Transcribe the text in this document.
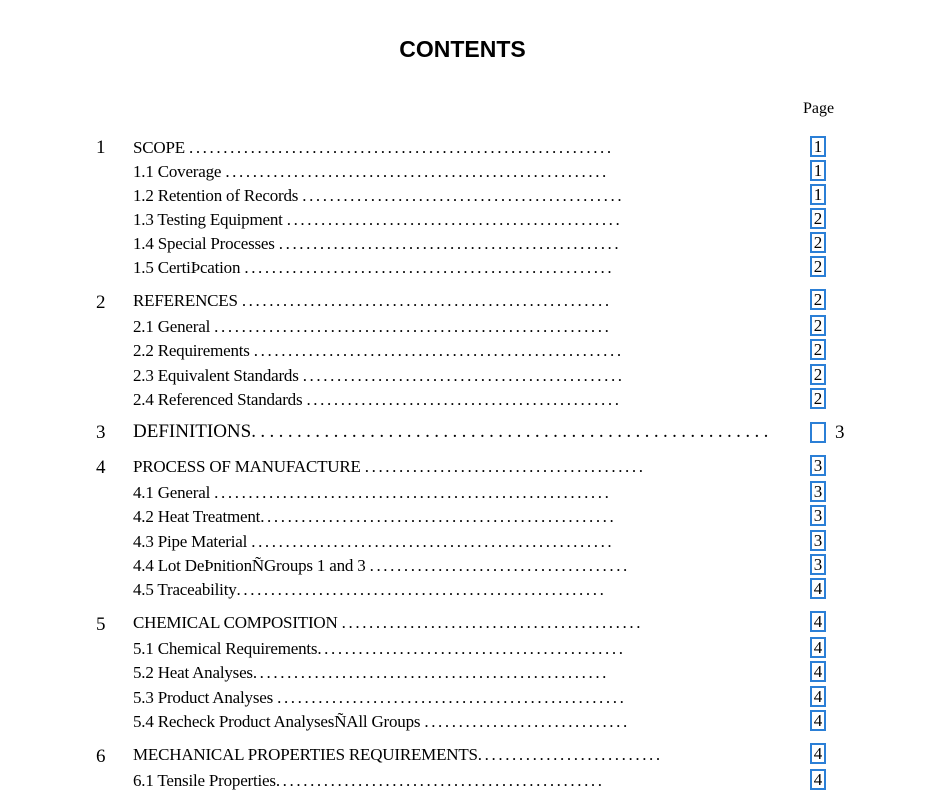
CONTENTS
Page
1 SCOPE ..............................................................	1
1.1 Coverage ........................................................	1
1.2 Retention of Records ...............................................	1
1.3 Testing Equipment .................................................	2
1.4 Special Processes ..................................................	2
1.5 CertiÞcation ......................................................	2
2 REFERENCES ......................................................	2
2.1 General ..........................................................	2
2.2 Requirements ......................................................	2
2.3 Equivalent Standards ...............................................	2
2.4 Referenced Standards ..............................................	2
3 DEFINITIONS.........................................................	3
4 PROCESS OF MANUFACTURE .........................................	3
4.1 General ..........................................................	3
4.2 Heat Treatment....................................................	3
4.3 Pipe Material .....................................................	3
4.4 Lot DeÞnitionÑGroups 1 and 3 ......................................	3
4.5 Traceability......................................................	4
5 CHEMICAL COMPOSITION ............................................	4
5.1 Chemical Requirements.............................................	4
5.2 Heat Analyses....................................................	4
5.3 Product Analyses ...................................................	4
5.4 Recheck Product AnalysesÑAll Groups ..............................	4
6 MECHANICAL PROPERTIES REQUIREMENTS...........................	4
6.1 Tensile Properties................................................	4
